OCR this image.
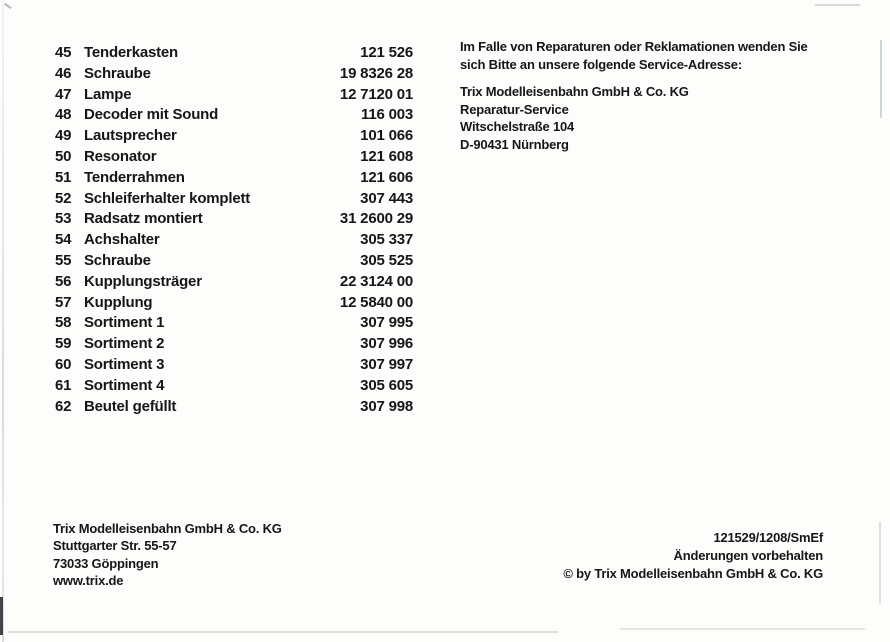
45 Tenderkasten	121 526
46 Schraube	19 8326 28
47 Lampe	12 7120 01
48 Decoder mit Sound	116 003
49 Lautsprecher	101 066
50 Resonator	121 608
51 Tenderrahmen	121 606
52 Schleiferhalter komplett	307 443
53 Radsatz montiert	31 2600 29
54 Achshalter	305 337
55 Schraube	305 525
56 Kupplungsträger	22 3124 00
57 Kupplung	12 5840 00
58 Sortiment 1	307 995
59 Sortiment 2	307 996
60 Sortiment 3	307 997
61 Sortiment 4	305 605
62 Beutel gefüllt	307 998
Im Falle von Reparaturen oder Reklamationen wenden Sie
sich Bitte an unsere folgende Service-Adresse:
Trix Modelleisenbahn GmbH & Co. KG
Reparatur-Service
Witschelstraße 104
D-90431 Nürnberg
Trix Modelleisenbahn GmbH & Co. KG
Stuttgarter Str. 55-57
73033 Göppingen
www.trix.de
121529/1208/SmEf
Änderungen vorbehalten
© by Trix Modelleisenbahn GmbH & Co. KG
